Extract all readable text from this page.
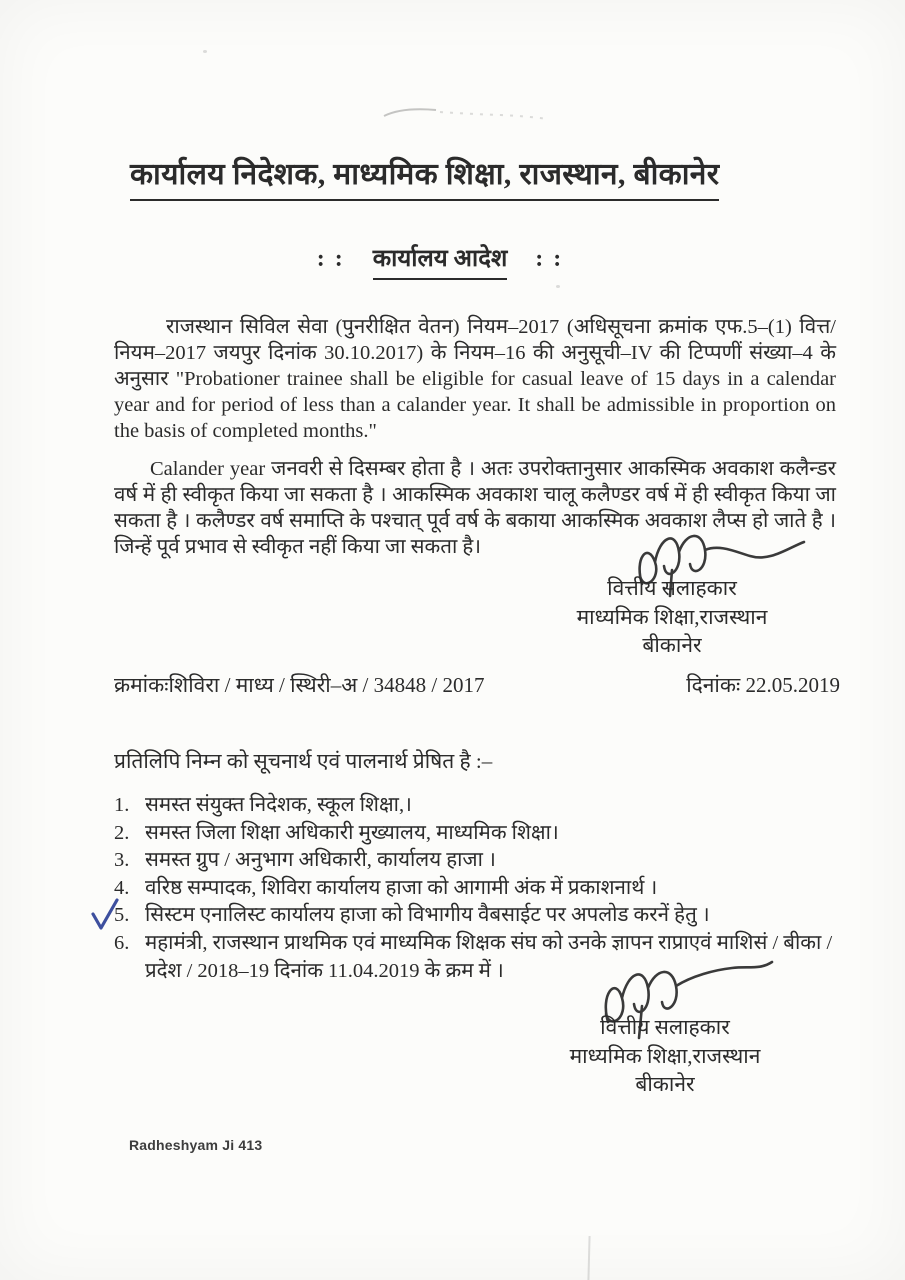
कार्यालय निदेशक, माध्यमिक शिक्षा, राजस्थान, बीकानेर
: : कार्यालय आदेश : :
राजस्थान सिविल सेवा (पुनरीक्षित वेतन) नियम–2017 (अधिसूचना क्रमांक एफ.5–(1) वित्त/नियम–2017 जयपुर दिनांक 30.10.2017) के नियम–16 की अनुसूची–IV की टिप्पणीं संख्या–4 के अनुसार "Probationer trainee shall be eligible for casual leave of 15 days in a calendar year and for period of less than a calander year. It shall be admissible in proportion on the basis of completed months."
Calander year जनवरी से दिसम्बर होता है । अतः उपरोक्तानुसार आकस्मिक अवकाश कलैन्डर वर्ष में ही स्वीकृत किया जा सकता है । आकस्मिक अवकाश चालू कलैण्डर वर्ष में ही स्वीकृत किया जा सकता है । कलैण्डर वर्ष समाप्ति के पश्चात् पूर्व वर्ष के बकाया आकस्मिक अवकाश लैप्स हो जाते है । जिन्हें पूर्व प्रभाव से स्वीकृत नहीं किया जा सकता है।
वित्तीय सलाहकार
माध्यमिक शिक्षा,राजस्थान
बीकानेर
क्रमांकःशिविरा / माध्य / स्थिरी–अ / 34848 / 2017	दिनांकः 22.05.2019
प्रतिलिपि निम्न को सूचनार्थ एवं पालनार्थ प्रेषित है :–
1. समस्त संयुक्त निदेशक, स्कूल शिक्षा,।
2. समस्त जिला शिक्षा अधिकारी मुख्यालय, माध्यमिक शिक्षा।
3. समस्त ग्रुप / अनुभाग अधिकारी, कार्यालय हाजा ।
4. वरिष्ठ सम्पादक, शिविरा कार्यालय हाजा को आगामी अंक में प्रकाशनार्थ ।
5. सिस्टम एनालिस्ट कार्यालय हाजा को विभागीय वैबसाईट पर अपलोड करनें हेतु ।
6. महामंत्री, राजस्थान प्राथमिक एवं माध्यमिक शिक्षक संघ को उनके ज्ञापन राप्राएवं माशिसं / बीका / प्रदेश / 2018–19 दिनांक 11.04.2019 के क्रम में ।
वित्तीय सलाहकार
माध्यमिक शिक्षा,राजस्थान
बीकानेर
Radheshyam Ji 413
